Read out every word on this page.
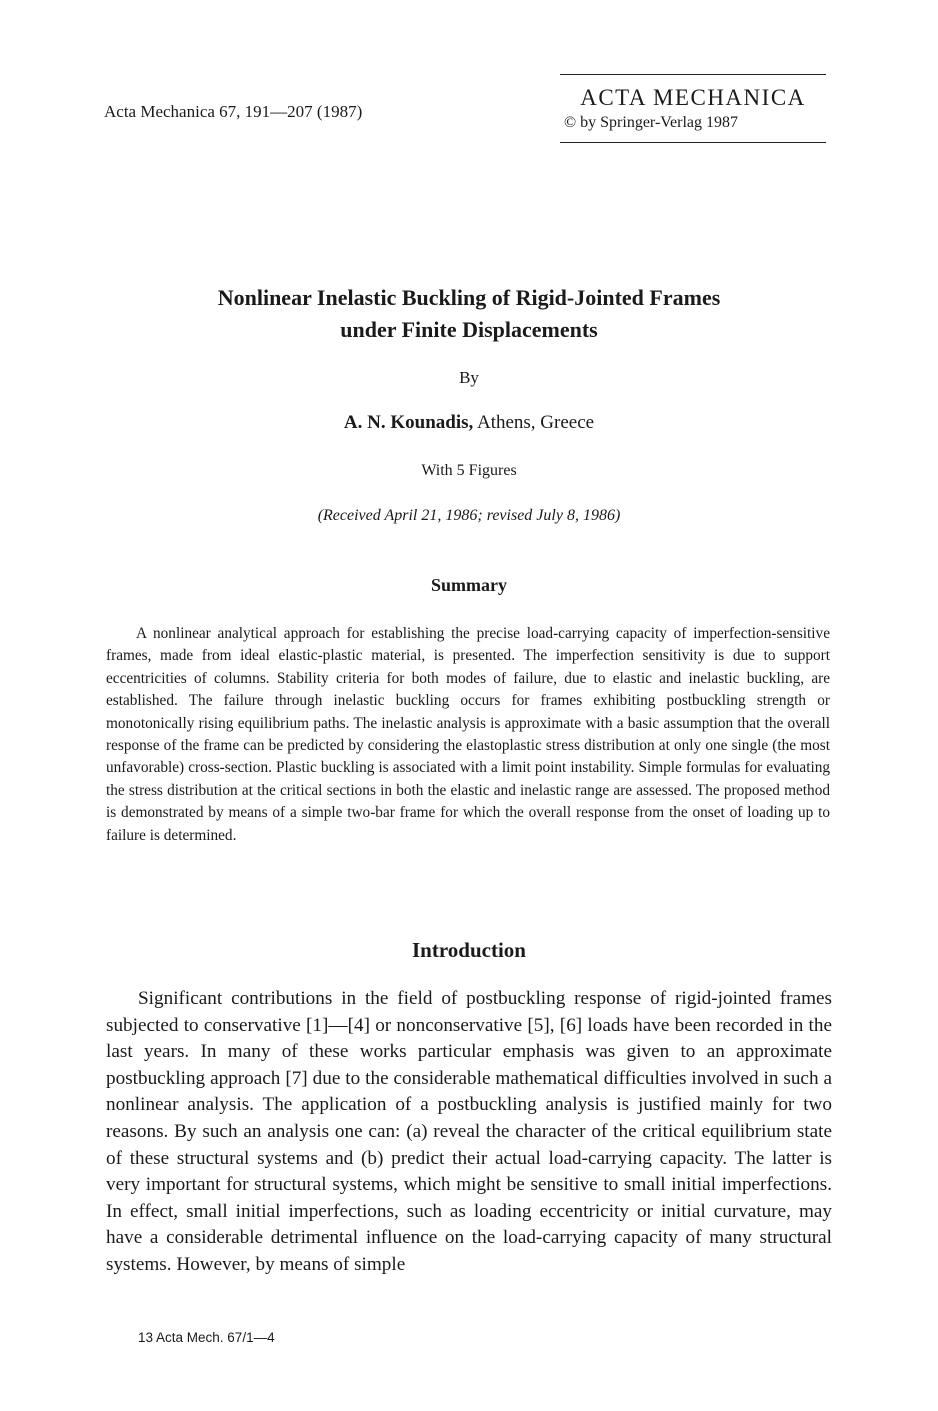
Acta Mechanica 67, 191—207 (1987)
ACTA MECHANICA
© by Springer-Verlag 1987
Nonlinear Inelastic Buckling of Rigid-Jointed Frames
under Finite Displacements
By
A. N. Kounadis, Athens, Greece
With 5 Figures
(Received April 21, 1986; revised July 8, 1986)
Summary
A nonlinear analytical approach for establishing the precise load-carrying capacity of imperfection-sensitive frames, made from ideal elastic-plastic material, is presented. The imperfection sensitivity is due to support eccentricities of columns. Stability criteria for both modes of failure, due to elastic and inelastic buckling, are established. The failure through inelastic buckling occurs for frames exhibiting postbuckling strength or monotonically rising equilibrium paths. The inelastic analysis is approximate with a basic assumption that the overall response of the frame can be predicted by considering the elastoplastic stress distribution at only one single (the most unfavorable) cross-section. Plastic buckling is associated with a limit point instability. Simple formulas for evaluating the stress distribution at the critical sections in both the elastic and inelastic range are assessed. The proposed method is demonstrated by means of a simple two-bar frame for which the overall response from the onset of loading up to failure is determined.
Introduction
Significant contributions in the field of postbuckling response of rigid-jointed frames subjected to conservative [1]—[4] or nonconservative [5], [6] loads have been recorded in the last years. In many of these works particular emphasis was given to an approximate postbuckling approach [7] due to the considerable mathematical difficulties involved in such a nonlinear analysis. The application of a postbuckling analysis is justified mainly for two reasons. By such an analysis one can: (a) reveal the character of the critical equilibrium state of these structural systems and (b) predict their actual load-carrying capacity. The latter is very important for structural systems, which might be sensitive to small initial imperfections. In effect, small initial imperfections, such as loading eccentricity or initial curvature, may have a considerable detrimental influence on the load-carrying capacity of many structural systems. However, by means of simple
13 Acta Mech. 67/1—4
